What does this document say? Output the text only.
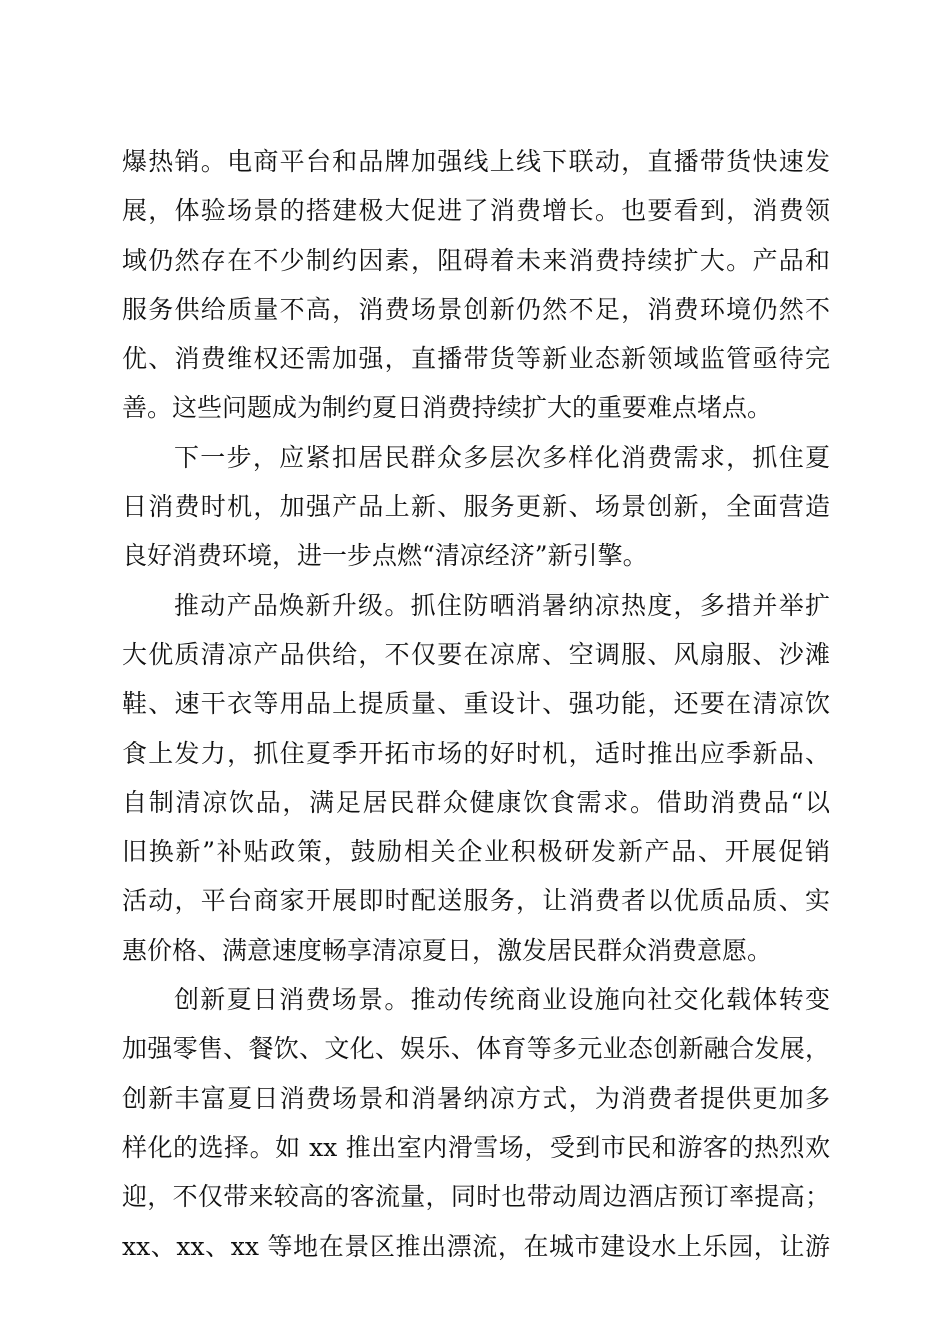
爆热销。电商平台和品牌加强线上线下联动，直播带货快速发
展，体验场景的搭建极大促进了消费增长。也要看到，消费领
域仍然存在不少制约因素，阻碍着未来消费持续扩大。产品和
服务供给质量不高，消费场景创新仍然不足，消费环境仍然不
优、消费维权还需加强，直播带货等新业态新领域监管亟待完
善。这些问题成为制约夏日消费持续扩大的重要难点堵点。
下一步，应紧扣居民群众多层次多样化消费需求，抓住夏
日消费时机，加强产品上新、服务更新、场景创新，全面营造
良好消费环境，进一步点燃“清凉经济”新引擎。
推动产品焕新升级。抓住防晒消暑纳凉热度，多措并举扩
大优质清凉产品供给，不仅要在凉席、空调服、风扇服、沙滩
鞋、速干衣等用品上提质量、重设计、强功能，还要在清凉饮
食上发力，抓住夏季开拓市场的好时机，适时推出应季新品、
自制清凉饮品，满足居民群众健康饮食需求。借助消费品“以
旧换新”补贴政策，鼓励相关企业积极研发新产品、开展促销
活动，平台商家开展即时配送服务，让消费者以优质品质、实
惠价格、满意速度畅享清凉夏日，激发居民群众消费意愿。
创新夏日消费场景。推动传统商业设施向社交化载体转变
加强零售、餐饮、文化、娱乐、体育等多元业态创新融合发展，
创新丰富夏日消费场景和消暑纳凉方式，为消费者提供更加多
样化的选择。如 xx 推出室内滑雪场，受到市民和游客的热烈欢
迎，不仅带来较高的客流量，同时也带动周边酒店预订率提高；
xx、xx、xx 等地在景区推出漂流，在城市建设水上乐园，让游
